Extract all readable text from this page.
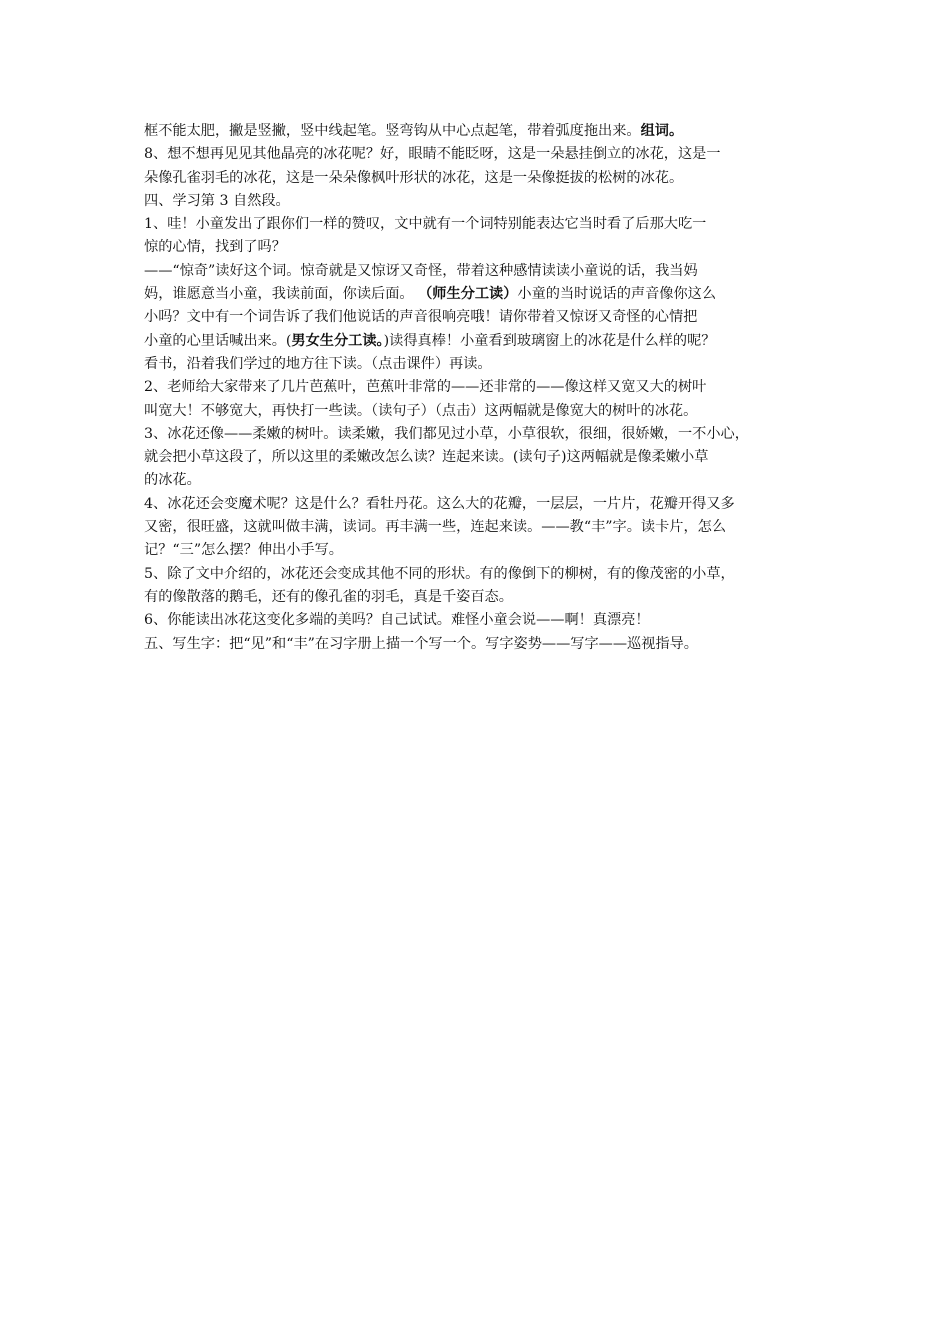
框不能太肥，撇是竖撇，竖中线起笔。竖弯钩从中心点起笔，带着弧度拖出来。组词。
8、想不想再见见其他晶亮的冰花呢？好，眼睛不能眨呀，这是一朵悬挂倒立的冰花，这是一
朵像孔雀羽毛的冰花，这是一朵朵像枫叶形状的冰花，这是一朵像挺拔的松树的冰花。
四、学习第 3 自然段。
1、哇！小童发出了跟你们一样的赞叹，文中就有一个词特别能表达它当时看了后那大吃一
惊的心情，找到了吗？
——“惊奇”读好这个词。惊奇就是又惊讶又奇怪，带着这种感情读读小童说的话，我当妈
妈，谁愿意当小童，我读前面，你读后面。 （师生分工读）小童的当时说话的声音像你这么
小吗？文中有一个词告诉了我们他说话的声音很响亮哦！请你带着又惊讶又奇怪的心情把
小童的心里话喊出来。(男女生分工读。)读得真棒！小童看到玻璃窗上的冰花是什么样的呢？
看书，沿着我们学过的地方往下读。（点击课件）再读。
2、老师给大家带来了几片芭蕉叶，芭蕉叶非常的——还非常的——像这样又宽又大的树叶
叫宽大！不够宽大，再快打一些读。（读句子）（点击）这两幅就是像宽大的树叶的冰花。
3、冰花还像——柔嫩的树叶。读柔嫩，我们都见过小草，小草很软，很细，很娇嫩，一不小心，
就会把小草这段了，所以这里的柔嫩改怎么读？连起来读。(读句子)这两幅就是像柔嫩小草
的冰花。
4、冰花还会变魔术呢？这是什么？看牡丹花。这么大的花瓣，一层层，一片片，花瓣开得又多
又密，很旺盛，这就叫做丰满，读词。再丰满一些，连起来读。——教“丰”字。读卡片，怎么
记？“三”怎么摆？伸出小手写。
5、除了文中介绍的，冰花还会变成其他不同的形状。有的像倒下的柳树，有的像茂密的小草，
有的像散落的鹅毛，还有的像孔雀的羽毛，真是千姿百态。
6、你能读出冰花这变化多端的美吗？自己试试。难怪小童会说——啊！真漂亮！
五、写生字：把“见”和“丰”在习字册上描一个写一个。写字姿势——写字——巡视指导。
